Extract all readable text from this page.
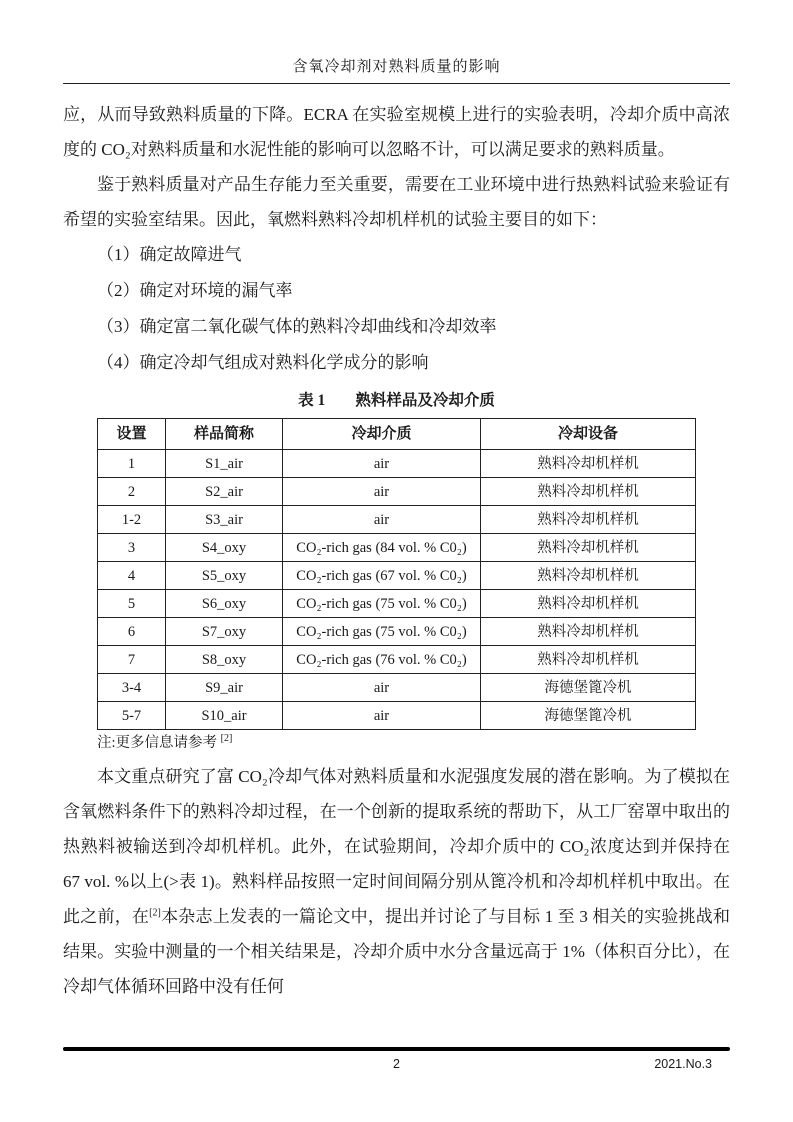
含氧冷却剂对熟料质量的影响

应，从而导致熟料质量的下降。ECRA 在实验室规模上进行的实验表明，冷却介质中高浓度的 CO₂对熟料质量和水泥性能的影响可以忽略不计，可以满足要求的熟料质量。

鉴于熟料质量对产品生存能力至关重要，需要在工业环境中进行热熟料试验来验证有希望的实验室结果。因此，氧燃料熟料冷却机样机的试验主要目的如下：

（1）确定故障进气
（2）确定对环境的漏气率
（3）确定富二氧化碳气体的熟料冷却曲线和冷却效率
（4）确定冷却气组成对熟料化学成分的影响
表 1 熟料样品及冷却介质
设置	样品简称	冷却介质	冷却设备
1	S1_air	air	熟料冷却机样机
2	S2_air	air	熟料冷却机样机
1-2	S3_air	air	熟料冷却机样机
3	S4_oxy	CO₂-rich gas (84 vol. % C0₂)	熟料冷却机样机
4	S5_oxy	CO₂-rich gas (67 vol. % C0₂)	熟料冷却机样机
5	S6_oxy	CO₂-rich gas (75 vol. % C0₂)	熟料冷却机样机
6	S7_oxy	CO₂-rich gas (75 vol. % C0₂)	熟料冷却机样机
7	S8_oxy	CO₂-rich gas (76 vol. % C0₂)	熟料冷却机样机
3-4	S9_air	air	海德堡篦冷机
5-7	S10_air	air	海德堡篦冷机
注:更多信息请参考 [2]

本文重点研究了富 CO₂冷却气体对熟料质量和水泥强度发展的潜在影响。为了模拟在含氧燃料条件下的熟料冷却过程，在一个创新的提取系统的帮助下，从工厂窑罩中取出的热熟料被输送到冷却机样机。此外，在试验期间，冷却介质中的 CO₂浓度达到并保持在 67 vol. %以上(>表 1)。熟料样品按照一定时间间隔分别从篦冷机和冷却机样机中取出。在此之前，在[2]本杂志上发表的一篇论文中，提出并讨论了与目标 1 至 3 相关的实验挑战和结果。实验中测量的一个相关结果是，冷却介质中水分含量远高于 1%（体积百分比），在冷却气体循环回路中没有任何

2	2021.No.3
